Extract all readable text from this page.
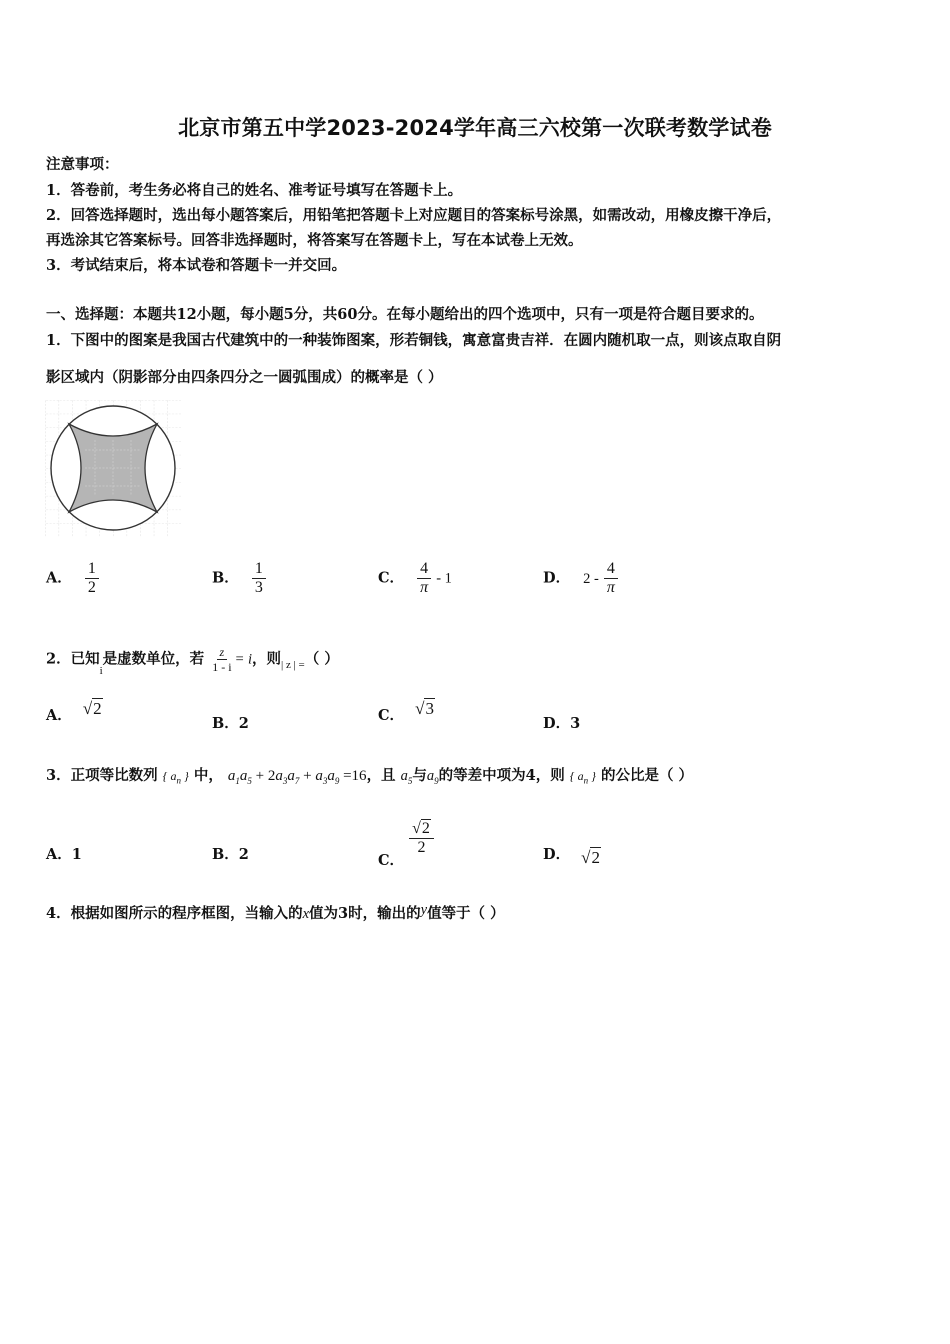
北京市第五中学2023-2024学年高三六校第一次联考数学试卷
注意事项：
1．答卷前，考生务必将自己的姓名、准考证号填写在答题卡上。
2．回答选择题时，选出每小题答案后，用铅笔把答题卡上对应题目的答案标号涂黑，如需改动，用橡皮擦干净后，
再选涂其它答案标号。回答非选择题时，将答案写在答题卡上，写在本试卷上无效。
3．考试结束后，将本试卷和答题卡一并交回。
一、选择题：本题共12小题，每小题5分，共60分。在每小题给出的四个选项中，只有一项是符合题目要求的。
1．下图中的图案是我国古代建筑中的一种装饰图案，形若铜钱，寓意富贵吉祥．在圆内随机取一点，则该点取自阴
影区域内（阴影部分由四条四分之一圆弧围成）的概率是（ ）
A． $\frac{1}{2}$	B． $\frac{1}{3}$	C． $\frac{4}{\pi} - 1$	D． $2 - \frac{4}{\pi}$
2．已知$_i$是虚数单位，若 $\frac{z}{1 - i} = i$，则$_{| z | =}$（ ）
A． √2
B．2	C． √3
D．3
3．正项等比数列 { $a_n$ } 中， $a_1a_5 + 2a_3a_7 + a_3a_9 =16$，且 $a_5$与$a_9$的等差中项为4，则 { $a_n$ } 的公比是（ ）
A．1	B．2	C．
$\frac{√2}{2}$	D． √2
4．根据如图所示的程序框图，当输入的x值为3时，输出的y值等于（ ）
